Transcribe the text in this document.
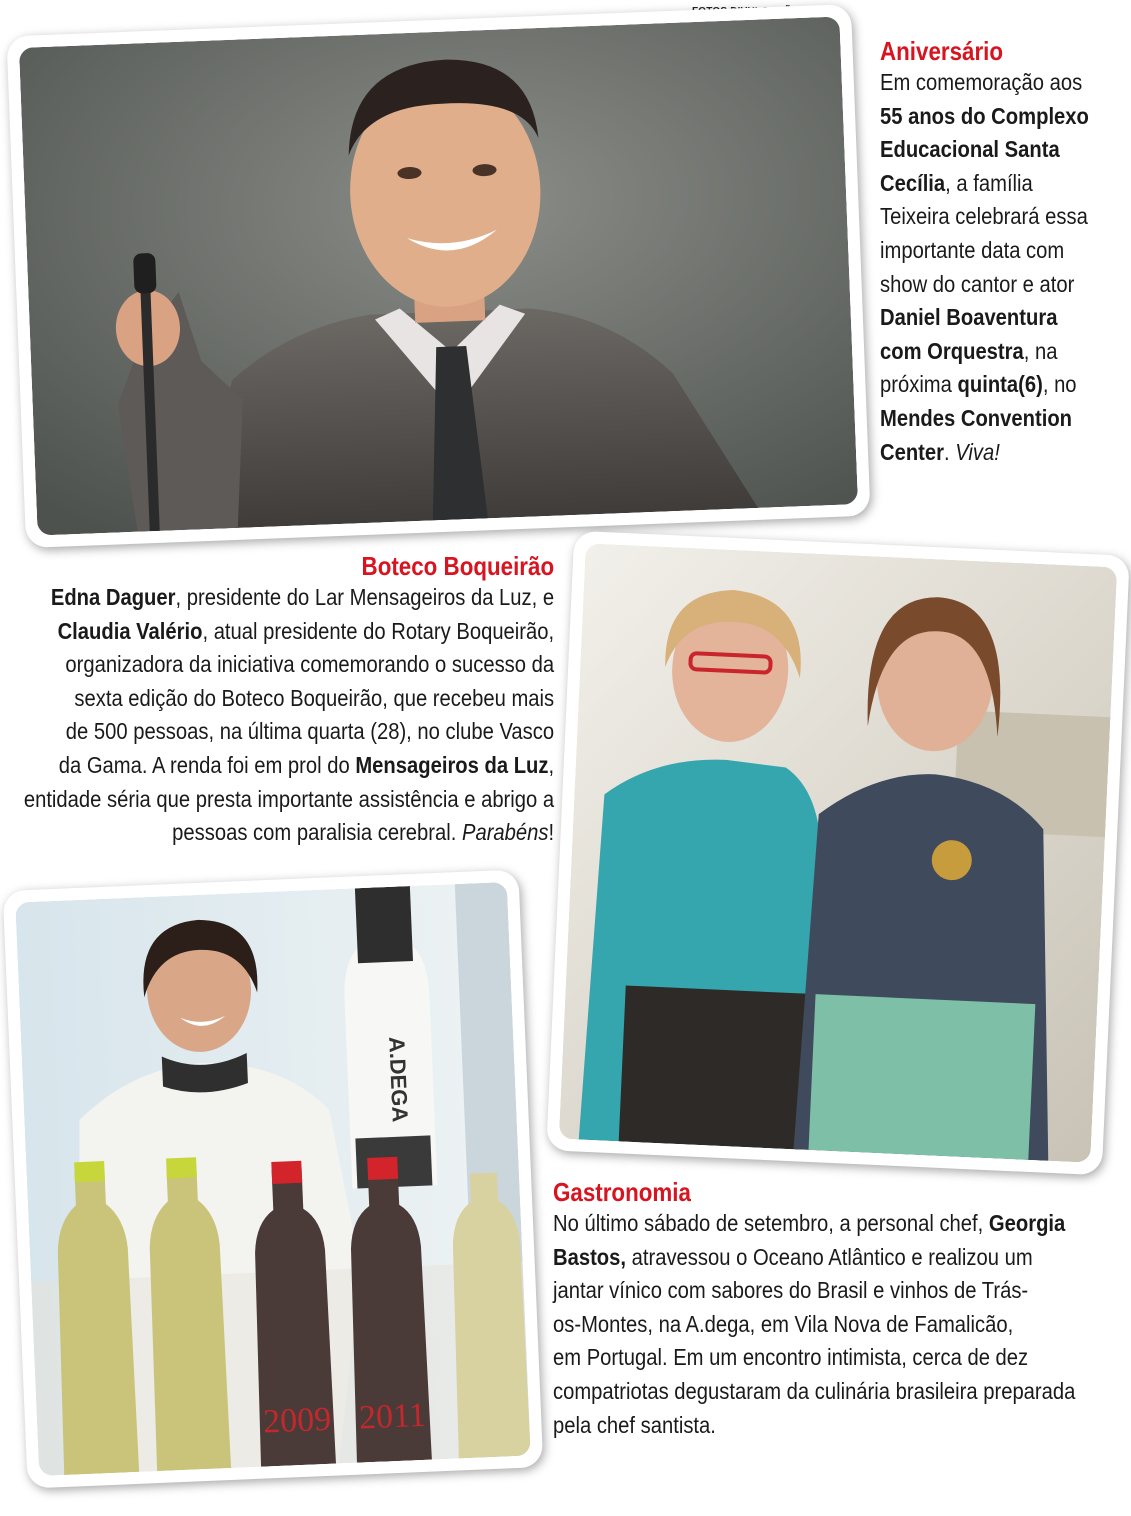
A.DEGA
2009 2011
Aniversário
Em comemoração aos
55 anos do Complexo
Educacional Santa
Cecília, a família
Teixeira celebrará essa
importante data com
show do cantor e ator
Daniel Boaventura
com Orquestra, na
próxima quinta(6), no
Mendes Convention
Center. Viva!
Boteco Boqueirão
Edna Daguer, presidente do Lar Mensageiros da Luz, e
Claudia Valério, atual presidente do Rotary Boqueirão,
organizadora da iniciativa comemorando o sucesso da
sexta edição do Boteco Boqueirão, que recebeu mais
de 500 pessoas, na última quarta (28), no clube Vasco
da Gama. A renda foi em prol do Mensageiros da Luz,
entidade séria que presta importante assistência e abrigo a
pessoas com paralisia cerebral. Parabéns!
Gastronomia
No último sábado de setembro, a personal chef, Georgia
Bastos, atravessou o Oceano Atlântico e realizou um
jantar vínico com sabores do Brasil e vinhos de Trás-
os-Montes, na A.dega, em Vila Nova de Famalicão,
em Portugal. Em um encontro intimista, cerca de dez
compatriotas degustaram da culinária brasileira preparada
pela chef santista.
